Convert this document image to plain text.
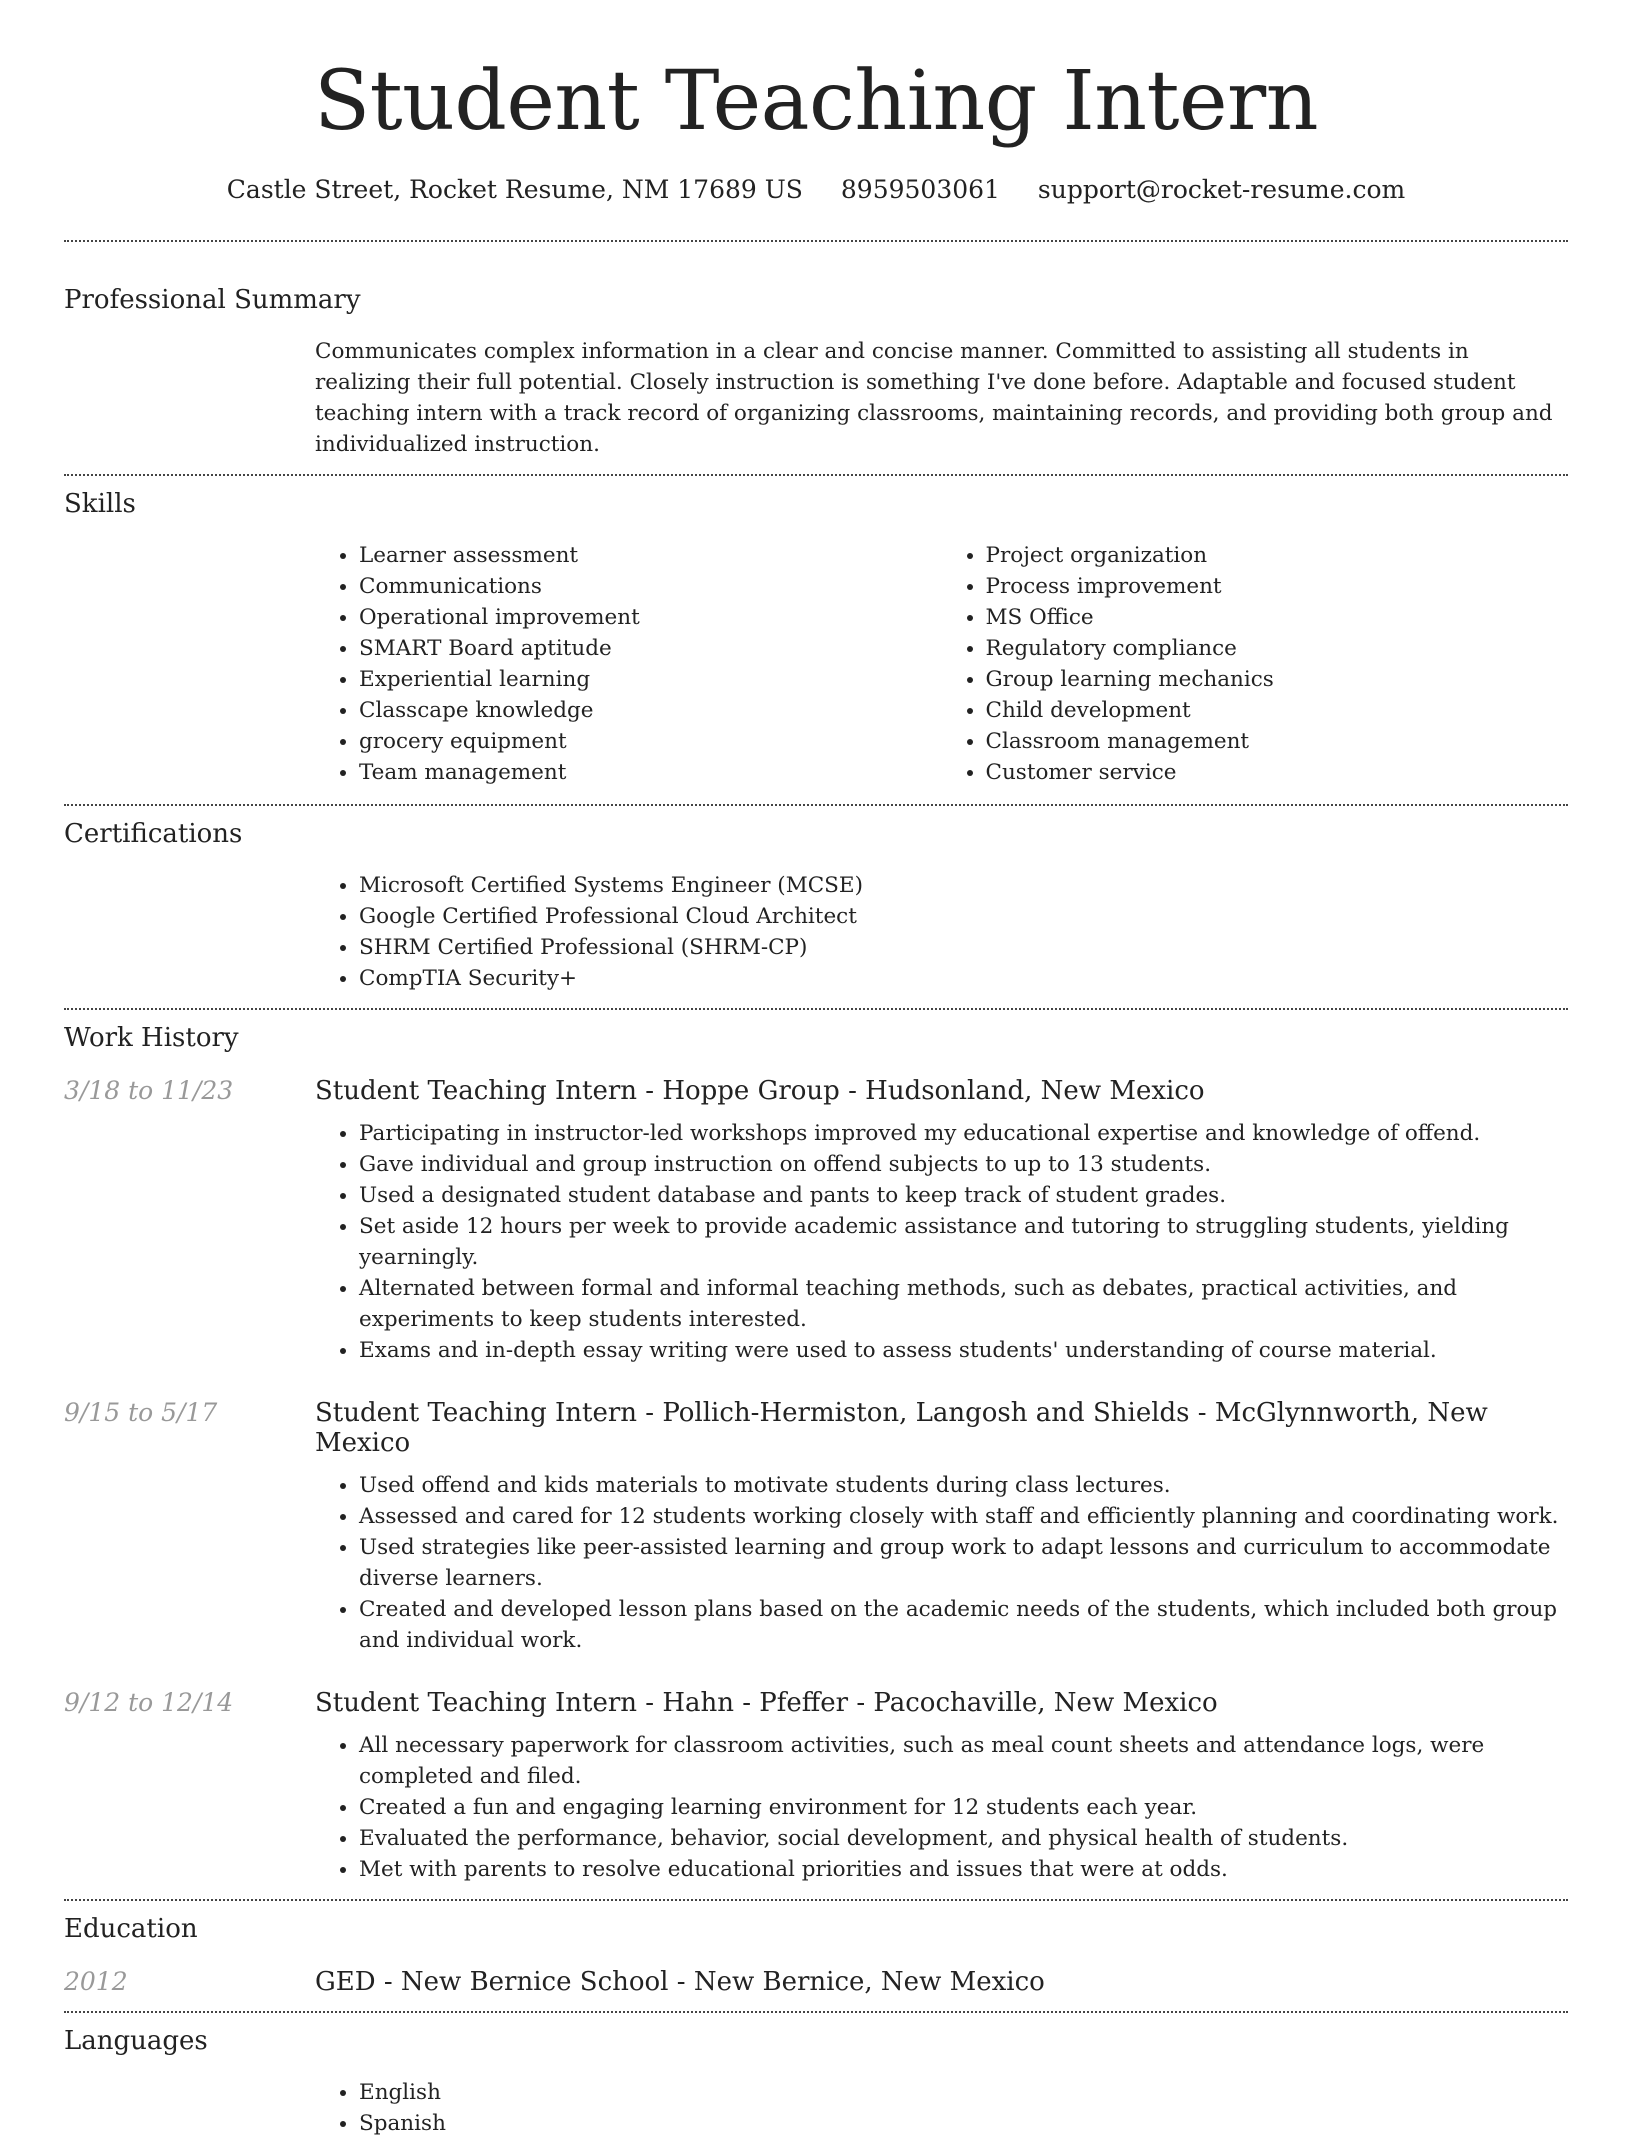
Student Teaching Intern
Castle Street, Rocket Resume, NM 17689 US 8959503061 support@rocket-resume.com
Professional Summary

Communicates complex information in a clear and concise manner. Committed to assisting all students in realizing their full potential. Closely instruction is something I've done before. Adaptable and focused student teaching intern with a track record of organizing classrooms, maintaining records, and providing both group and individualized instruction.

Skills
• Learner assessment
• Communications
• Operational improvement
• SMART Board aptitude
• Experiential learning
• Classcape knowledge
• grocery equipment
• Team management
• Project organization
• Process improvement
• MS Office
• Regulatory compliance
• Group learning mechanics
• Child development
• Classroom management
• Customer service
Certifications
• Microsoft Certified Systems Engineer (MCSE)
• Google Certified Professional Cloud Architect
• SHRM Certified Professional (SHRM-CP)
• CompTIA Security+
Work History
3/18 to 11/23	Student Teaching Intern - Hoppe Group - Hudsonland, New Mexico
• Participating in instructor-led workshops improved my educational expertise and knowledge of offend.
• Gave individual and group instruction on offend subjects to up to 13 students.
• Used a designated student database and pants to keep track of student grades.
• Set aside 12 hours per week to provide academic assistance and tutoring to struggling students, yielding yearningly.
• Alternated between formal and informal teaching methods, such as debates, practical activities, and experiments to keep students interested.
• Exams and in-depth essay writing were used to assess students' understanding of course material.
9/15 to 5/17	Student Teaching Intern - Pollich-Hermiston, Langosh and Shields - McGlynnworth, New Mexico
• Used offend and kids materials to motivate students during class lectures.
• Assessed and cared for 12 students working closely with staff and efficiently planning and coordinating work.
• Used strategies like peer-assisted learning and group work to adapt lessons and curriculum to accommodate diverse learners.
• Created and developed lesson plans based on the academic needs of the students, which included both group and individual work.
9/12 to 12/14	Student Teaching Intern - Hahn - Pfeffer - Pacochaville, New Mexico
• All necessary paperwork for classroom activities, such as meal count sheets and attendance logs, were completed and filed.
• Created a fun and engaging learning environment for 12 students each year.
• Evaluated the performance, behavior, social development, and physical health of students.
• Met with parents to resolve educational priorities and issues that were at odds.
Education
2012	GED - New Bernice School - New Bernice, New Mexico
Languages
• English
• Spanish
